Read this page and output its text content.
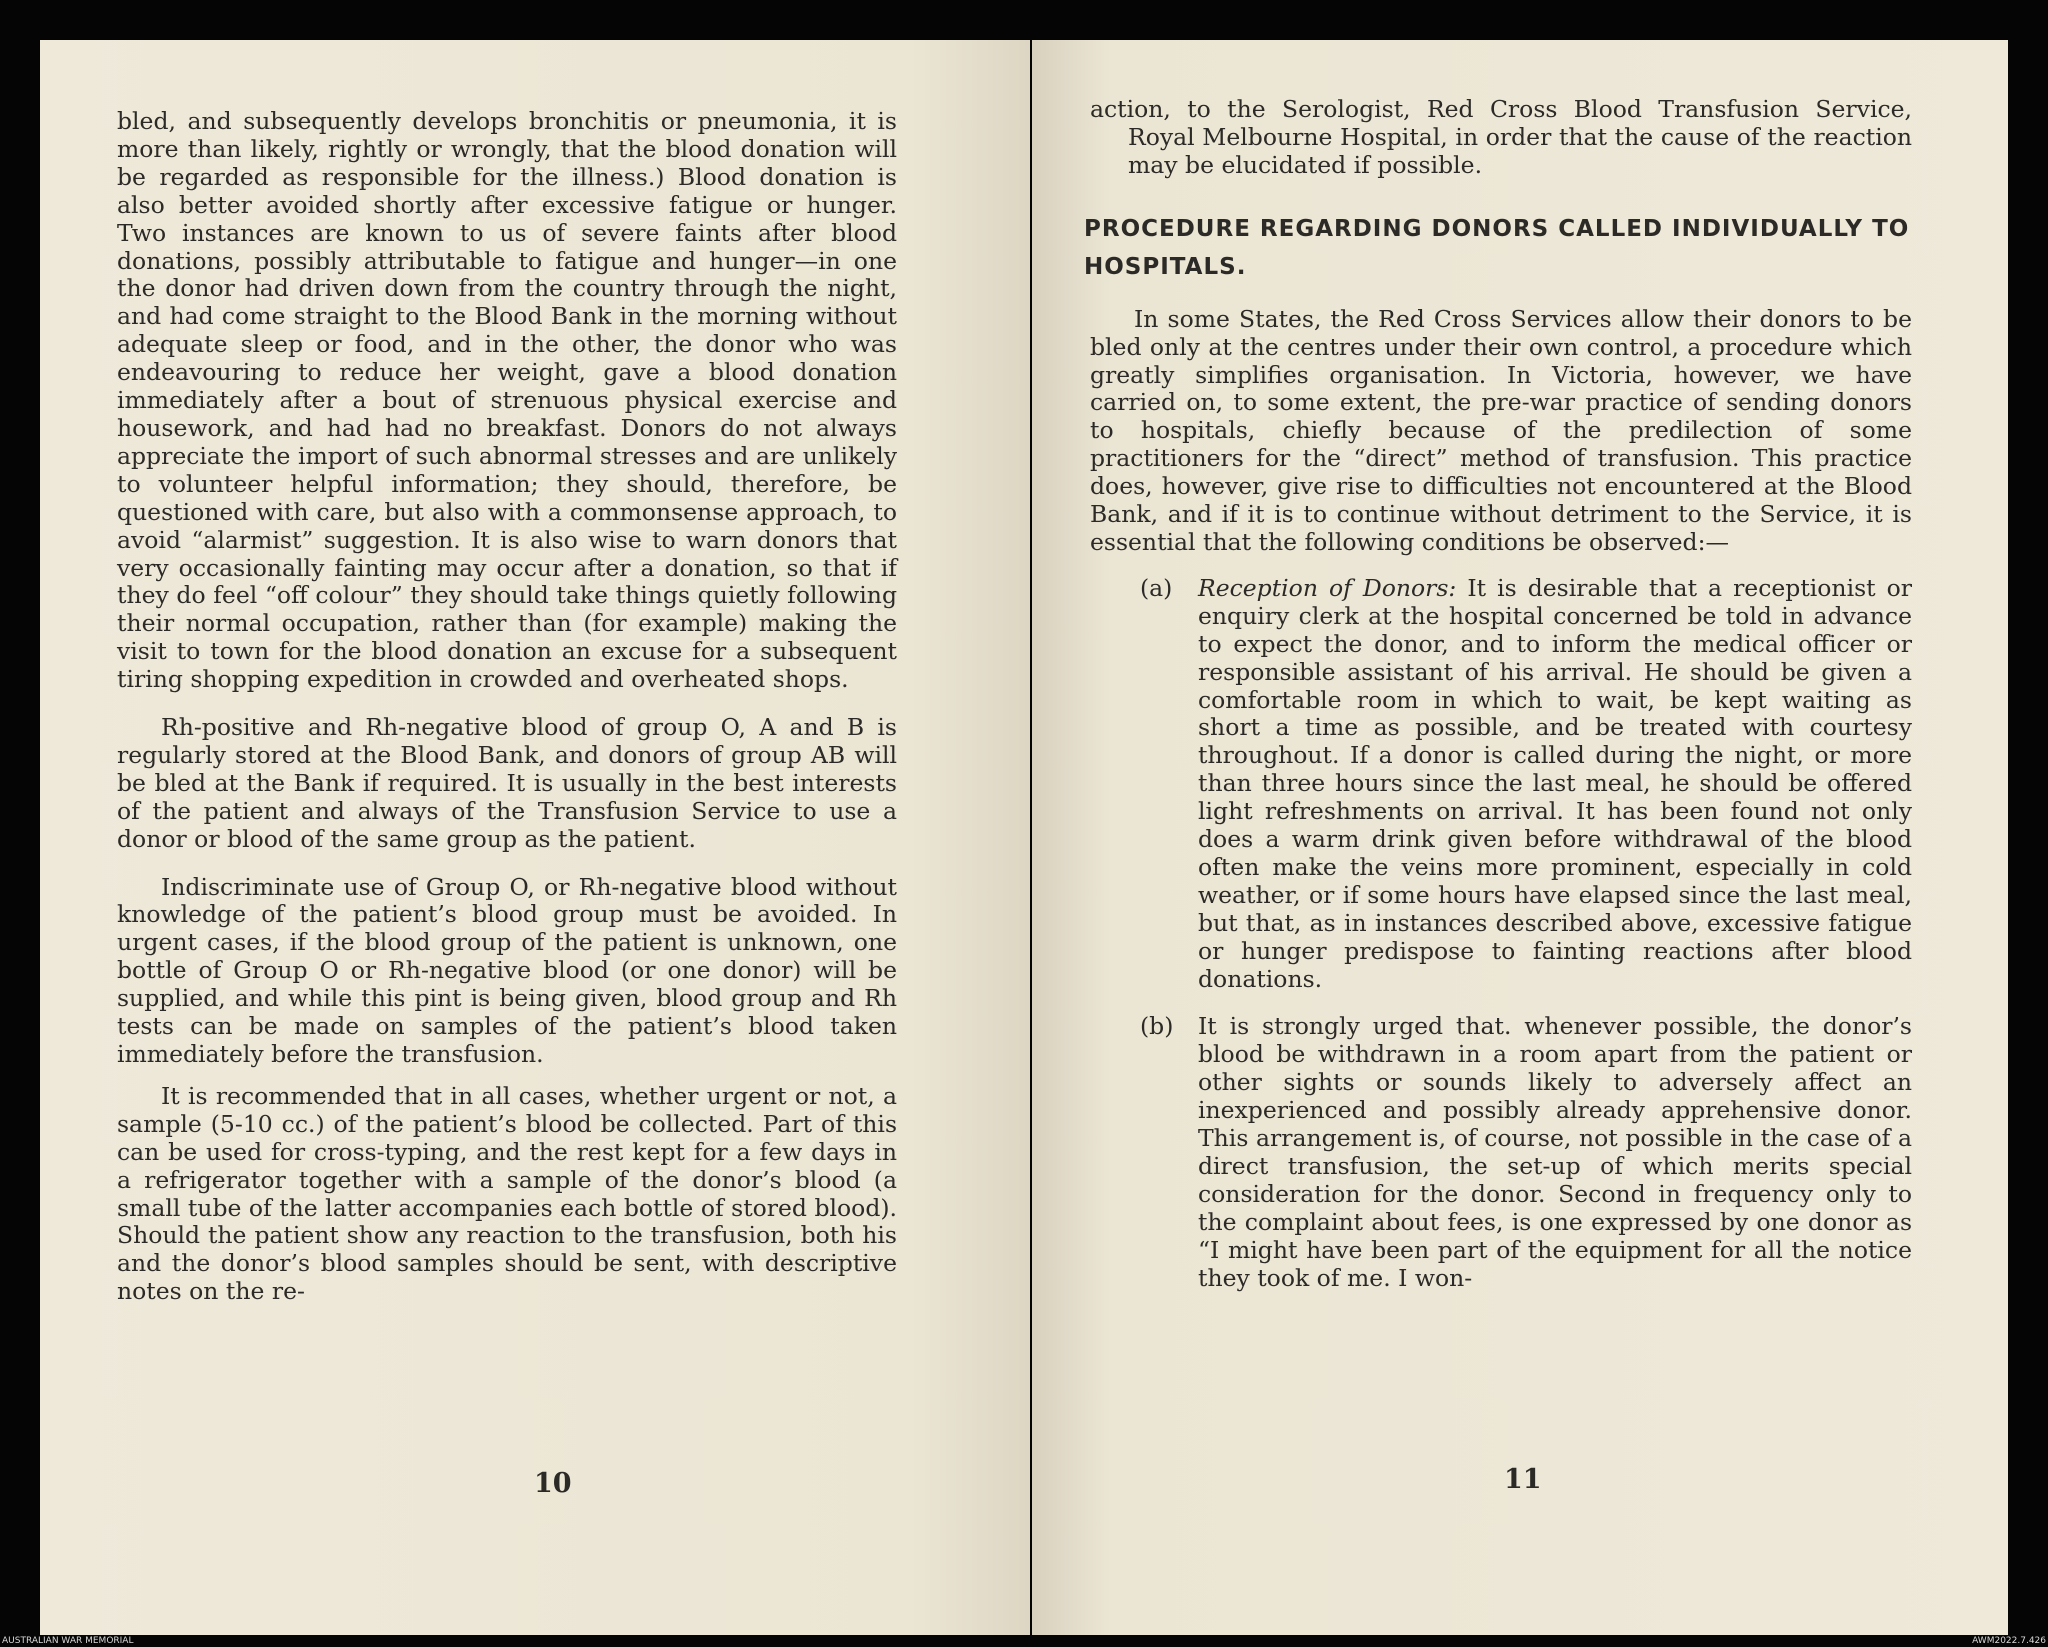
bled, and subsequently develops bronchitis or pneumonia, it is more than likely, rightly or wrongly, that the blood donation will be regarded as responsible for the illness.) Blood donation is also better avoided shortly after excessive fatigue or hunger. Two instances are known to us of severe faints after blood donations, possibly attributable to fatigue and hunger—in one the donor had driven down from the country through the night, and had come straight to the Blood Bank in the morning without adequate sleep or food, and in the other, the donor who was endeavouring to reduce her weight, gave a blood donation immediately after a bout of strenuous physical exercise and housework, and had had no breakfast. Donors do not always appreciate the import of such abnormal stresses and are unlikely to volunteer helpful information; they should, therefore, be questioned with care, but also with a commonsense approach, to avoid “alarmist” suggestion. It is also wise to warn donors that very occasionally fainting may occur after a donation, so that if they do feel “off colour” they should take things quietly following their normal occupation, rather than (for example) making the visit to town for the blood donation an excuse for a subsequent tiring shopping expedition in crowded and overheated shops.

Rh-positive and Rh-negative blood of group O, A and B is regularly stored at the Blood Bank, and donors of group AB will be bled at the Bank if required. It is usually in the best interests of the patient and always of the Transfusion Service to use a donor or blood of the same group as the patient.

Indiscriminate use of Group O, or Rh-negative blood without knowledge of the patient’s blood group must be avoided. In urgent cases, if the blood group of the patient is unknown, one bottle of Group O or Rh-negative blood (or one donor) will be supplied, and while this pint is being given, blood group and Rh tests can be made on samples of the patient’s blood taken immediately before the transfusion.

It is recommended that in all cases, whether urgent or not, a sample (5-10 cc.) of the patient’s blood be collected. Part of this can be used for cross-typing, and the rest kept for a few days in a refrigerator together with a sample of the donor’s blood (a small tube of the latter accompanies each bottle of stored blood). Should the patient show any reaction to the transfusion, both his and the donor’s blood samples should be sent, with descriptive notes on the re-

10

action, to the Serologist, Red Cross Blood Transfusion Service, Royal Melbourne Hospital, in order that the cause of the reaction may be elucidated if possible.

PROCEDURE REGARDING DONORS CALLED INDIVIDUALLY TO HOSPITALS.

In some States, the Red Cross Services allow their donors to be bled only at the centres under their own control, a procedure which greatly simplifies organisation. In Victoria, however, we have carried on, to some extent, the pre-war practice of sending donors to hospitals, chiefly because of the predilection of some practitioners for the “direct” method of transfusion. This practice does, however, give rise to difficulties not encountered at the Blood Bank, and if it is to continue without detriment to the Service, it is essential that the following conditions be observed:—

(a)	Reception of Donors: It is desirable that a receptionist or enquiry clerk at the hospital concerned be told in advance to expect the donor, and to inform the medical officer or responsible assistant of his arrival. He should be given a comfortable room in which to wait, be kept waiting as short a time as possible, and be treated with courtesy throughout. If a donor is called during the night, or more than three hours since the last meal, he should be offered light refreshments on arrival. It has been found not only does a warm drink given before withdrawal of the blood often make the veins more prominent, especially in cold weather, or if some hours have elapsed since the last meal, but that, as in instances described above, excessive fatigue or hunger predispose to fainting reactions after blood donations.
(b)	It is strongly urged that. whenever possible, the donor’s blood be withdrawn in a room apart from the patient or other sights or sounds likely to adversely affect an inexperienced and possibly already apprehensive donor. This arrangement is, of course, not possible in the case of a direct transfusion, the set-up of which merits special consideration for the donor. Second in frequency only to the complaint about fees, is one expressed by one donor as “I might have been part of the equipment for all the notice they took of me. I won-
11
AUSTRALIAN WAR MEMORIAL	AWM2022.7.426
